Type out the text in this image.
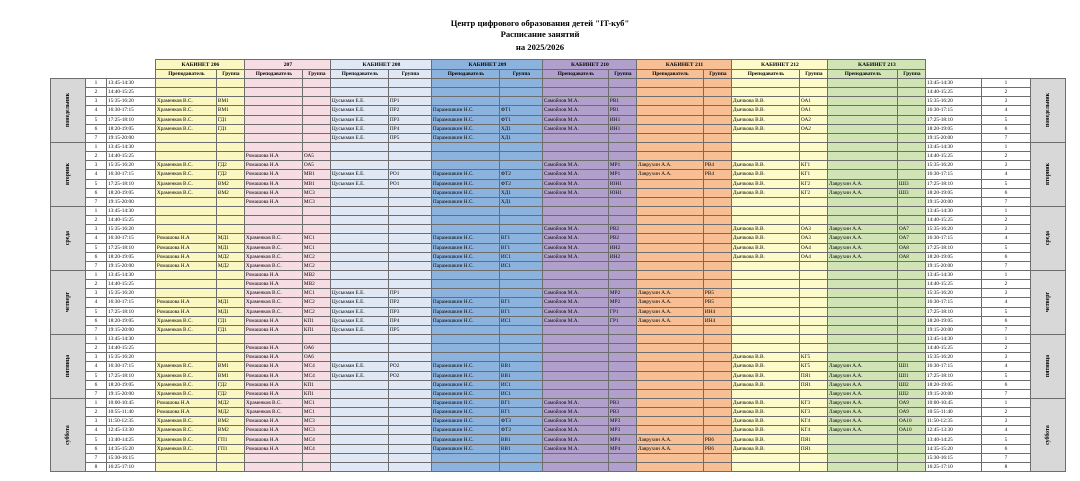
Центр цифрового образования детей "IT-куб"
Расписание занятий
на 2025/2026
			КАБИНЕТ 206		207		КАБИНЕТ 208		КАБИНЕТ 209		КАБИНЕТ 210		КАБИНЕТ 211		КАБИНЕТ 212		КАБИНЕТ 213				
			Преподаватель	Группа	Преподаватель	Группа	Преподаватель	Группа	Преподаватель	Группа	Преподаватель	Группа	Преподаватель	Группа	Преподаватель	Группа	Преподаватель	Группа			

понедельник	1	13:45-14:30																	13:45-14:30	1	понедельник

	2	14:40-15:25																	14:40-15:25	2	
	3	15:35-16:20	Храменков В.С.	ВМ1			Цуськман Е.Е.	ПР1			Самойлов М.А.	РВ1			Дьячкова В.В.	ОА1			15:35-16:20	3	
	4	16:30-17:15	Храменков В.С.	ВМ1			Цуськман Е.Е.	ПР2	Парамошкин Н.С.	ФТ1	Самойлов М.А.	РВ1			Дьячкова В.В.	ОА1			16:30-17:15	4	
	5	17:25-18:10	Храменков В.С.	ГД1			Цуськман Е.Е.	ПР3	Парамошкин Н.С.	ФТ1	Самойлов М.А.	ИН1			Дьячкова В.В.	ОА2			17:25-18:10	5	
	6	18:20-19:05	Храменков В.С.	ГД1			Цуськман Е.Е.	ПР4	Парамошкин Н.С.	ХД1	Самойлов М.А.	ИН1			Дьячкова В.В.	ОА2			18:20-19:05	6	
	7	19:15-20:00					Цуськман Е.Е.	ПР5	Парамошкин Н.С.	ХД1									19:15-20:00	7	

вторник	1	13:45-14:30																	13:45-14:30	1	вторник

	2	14:40-15:25			Ромашова Н.А	ОА5													14:40-15:25	2	
	3	15:35-16:20	Храменков В.С.	ГД2	Ромашова Н.А	ОА5					Самойлов М.А.	МР1	Лаврухин А.А.	РВ4	Дьячкова В.В.	КГ1			15:35-16:20	3	
	4	16:30-17:15	Храменков В.С.	ГД2	Ромашова Н.А	МВ1	Цуськман Е.Е.	РО1	Парамошкин Н.С.	ФТ2	Самойлов М.А.	МР1	Лаврухин А.А.	РВ4	Дьячкова В.В.	КГ1			16:30-17:15	4	
	5	17:25-18:10	Храменков В.С.	ВМ2	Ромашова Н.А	МВ1	Цуськман Е.Е.	РО1	Парамошкин Н.С.	ФТ2	Самойлов М.А.	ЮН1			Дьячкова В.В.	КГ2	Лаврухин А.А.	ШI3	17:25-18:10	5	
	6	18:20-19:05	Храменков В.С.	ВМ2	Ромашова Н.А	МС3			Парамошкин Н.С.	ХД1	Самойлов М.А.	ЮН1			Дьячкова В.В.	КГ2	Лаврухин А.А.	ШI3	18:20-19:05	6	
	7	19:15-20:00			Ромашова Н.А	МС3			Парамошкин Н.С.	ХД1									19:15-20:00	7	

среда	1	13:45-14:30																	13:45-14:30	1	среда

	2	14:40-15:25																	14:40-15:25	2	
	3	15:35-16:20									Самойлов М.А.	РВ2			Дьячкова В.В.	ОА3	Лаврухин А.А.	ОА7	15:35-16:20	3	
	4	16:30-17:15	Ромашова Н.А	МД1	Храменков В.С.	МС1			Парамошкин Н.С.	ВГ1	Самойлов М.А.	РВ2			Дьячкова В.В.	ОА3	Лаврухин А.А.	ОА7	16:30-17:15	4	
	5	17:25-18:10	Ромашова Н.А	МД1	Храменков В.С.	МС1			Парамошкин Н.С.	ВГ1	Самойлов М.А.	ИН2			Дьячкова В.В.	ОА4	Лаврухин А.А.	ОА8	17:25-18:10	5	
	6	18:20-19:05	Ромашова Н.А	МД2	Храменков В.С.	МС2			Парамошкин Н.С.	ИС1	Самойлов М.А.	ИН2			Дьячкова В.В.	ОА4	Лаврухин А.А.	ОА8	18:20-19:05	6	
	7	19:15-20:00	Ромашова Н.А	МД2	Храменков В.С.	МС2			Парамошкин Н.С.	ИС1									19:15-20:00	7	

четверг	1	13:45-14:30			Ромашова Н.А	МВ2													13:45-14:30	1	четверг

	2	14:40-15:25			Ромашова Н.А	МВ2													14:40-15:25	2	
	3	15:35-16:20			Храменков В.С.	МС1	Цуськман Е.Е.	ПР1			Самойлов М.А.	МР2	Лаврухин А.А.	РВ5					15:35-16:20	3	
	4	16:30-17:15	Ромашова Н.А	МД1	Храменков В.С.	МС2	Цуськман Е.Е.	ПР2	Парамошкин Н.С.	ВГ1	Самойлов М.А.	МР2	Лаврухин А.А.	РВ5					16:30-17:15	4	
	5	17:25-18:10	Ромашова Н.А	МД1	Храменков В.С.	МС2	Цуськман Е.Е.	ПР3	Парамошкин Н.С.	ВГ1	Самойлов М.А.	ГР1	Лаврухин А.А.	ИН4					17:25-18:10	5	
	6	18:20-19:05	Храменков В.С.	ГД1	Ромашова Н.А	КП1	Цуськман Е.Е.	ПР4	Парамошкин Н.С.	ИС1	Самойлов М.А.	ГР1	Лаврухин А.А.	ИН4					18:20-19:05	6	
	7	19:15-20:00	Храменков В.С.	ГД1	Ромашова Н.А	КП1	Цуськман Е.Е.	ПР5											19:15-20:00	7	

пятница	1	13:45-14:30																	13:45-14:30	1	пятница

	2	14:40-15:25			Ромашова Н.А	ОА6													14:40-15:25	2	
	3	15:35-16:20			Ромашова Н.А	ОА6									Дьячкова В.В.	КГ5			15:35-16:20	3	
	4	16:30-17:15	Храменков В.С.	ВМ1	Ромашова Н.А	МС4	Цуськман Е.Е.	РО2	Парамошкин Н.С.	ВВ1					Дьячкова В.В.	КГ5	Лаврухин А.А.	ШI1	16:30-17:15	4	
	5	17:25-18:10	Храменков В.С.	ВМ1	Ромашова Н.А	МС4	Цуськман Е.Е.	РО2	Парамошкин Н.С.	ВВ1					Дьячкова В.В.	ПЯ1	Лаврухин А.А.	ШI1	17:25-18:10	5	
	6	18:20-19:05	Храменков В.С.	ГД2	Ромашова Н.А	КП1			Парамошкин Н.С.	ИС1					Дьячкова В.В.	ПЯ1	Лаврухин А.А.	ШI2	18:20-19:05	6	
	7	19:15-20:00	Храменков В.С.	ГД2	Ромашова Н.А	КП1			Парамошкин Н.С.	ИС1							Лаврухин А.А.	ШI2	19:15-20:00	7	

суббота	1	10:00-10:45	Ромашова Н.А	МД2	Храменков В.С.	МС1			Парамошкин Н.С.	ВГ1	Самойлов М.А.	РВ3			Дьячкова В.В.	КГ3	Лаврухин А.А.	ОА9	10:00-10:45	1	суббота

	2	10:55-11:40	Ромашова Н.А	МД2	Храменков В.С.	МС1			Парамошкин Н.С.	ВГ1	Самойлов М.А.	РВ3			Дьячкова В.В.	КГ3	Лаврухин А.А.	ОА9	10:55-11:40	2	
	3	11:50-12:35	Храменков В.С.	ВМ2	Ромашова Н.А	МС3			Парамошкин Н.С.	ФТ3	Самойлов М.А.	МР3			Дьячкова В.В.	КГ4	Лаврухин А.А.	ОА10	11:50-12:35	3	
	4	12:45-13:30	Храменков В.С.	ВМ2	Ромашова Н.А	МС3			Парамошкин Н.С.	ФТ3	Самойлов М.А.	МР3			Дьячкова В.В.	КГ4	Лаврухин А.А.	ОА10	12:45-13:30	4	
	5	13:40-14:25	Храменков В.С.	ГП1	Ромашова Н.А	МС4			Парамошкин Н.С.	ВВ1	Самойлов М.А.	МР4	Лаврухин А.А.	РВ6	Дьячкова В.В.	ПЯ1			13:40-14:25	5	
	6	14:35-15:20	Храменков В.С.	ГП1	Ромашова Н.А	МС4			Парамошкин Н.С.	ВВ1	Самойлов М.А.	МР4	Лаврухин А.А.	РВ6	Дьячкова В.В.	ПЯ1			14:35-15:20	6	
	7	15:30-16:15																	15:30-16:15	7	
	8	16:25-17:10																	16:25-17:10	8	
